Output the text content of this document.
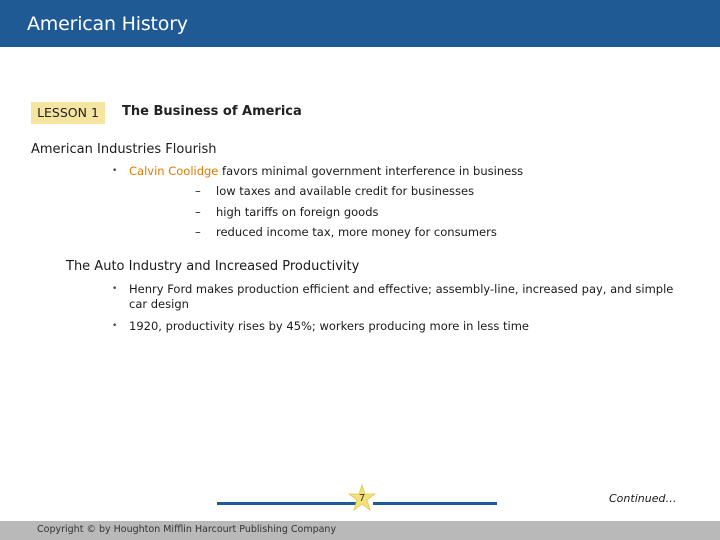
American History
LESSON 1	The Business of America
American Industries Flourish
• Calvin Coolidge favors minimal government interference in business
– low taxes and available credit for businesses
– high tariffs on foreign goods
– reduced income tax, more money for consumers
The Auto Industry and Increased Productivity
• Henry Ford makes production efficient and effective; assembly-line, increased pay, and simple
car design
• 1920, productivity rises by 45%; workers producing more in less time
7	Continued…
Copyright © by Houghton Mifflin Harcourt Publishing Company
